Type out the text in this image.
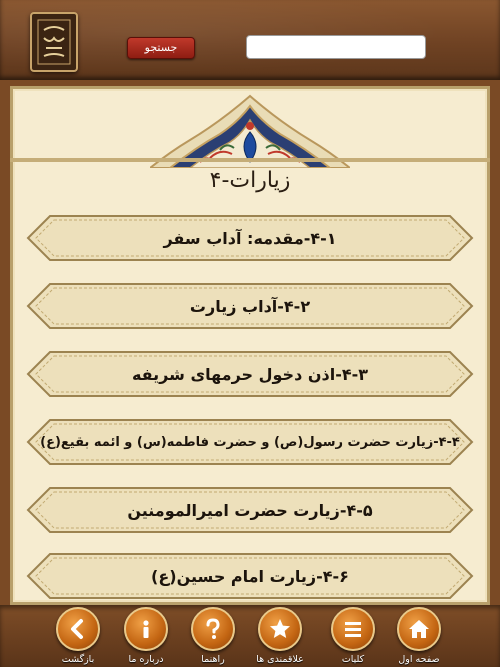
جستجو
۴-زیارات
۴-۱-مقدمه: آداب سفر
۴-۲-آداب زیارت
۴-۳-اذن دخول حرمهای شریفه
۴-۴-زیارت حضرت رسول(ص) و حضرت فاطمه(س) و ائمه بقیع(ع)
۴-۵-زیارت حضرت امیرالمومنین
۴-۶-زیارت امام حسین(ع)
بازگشت	درباره ما	راهنما	علاقمندی ها	کلیات	صفحه اول
